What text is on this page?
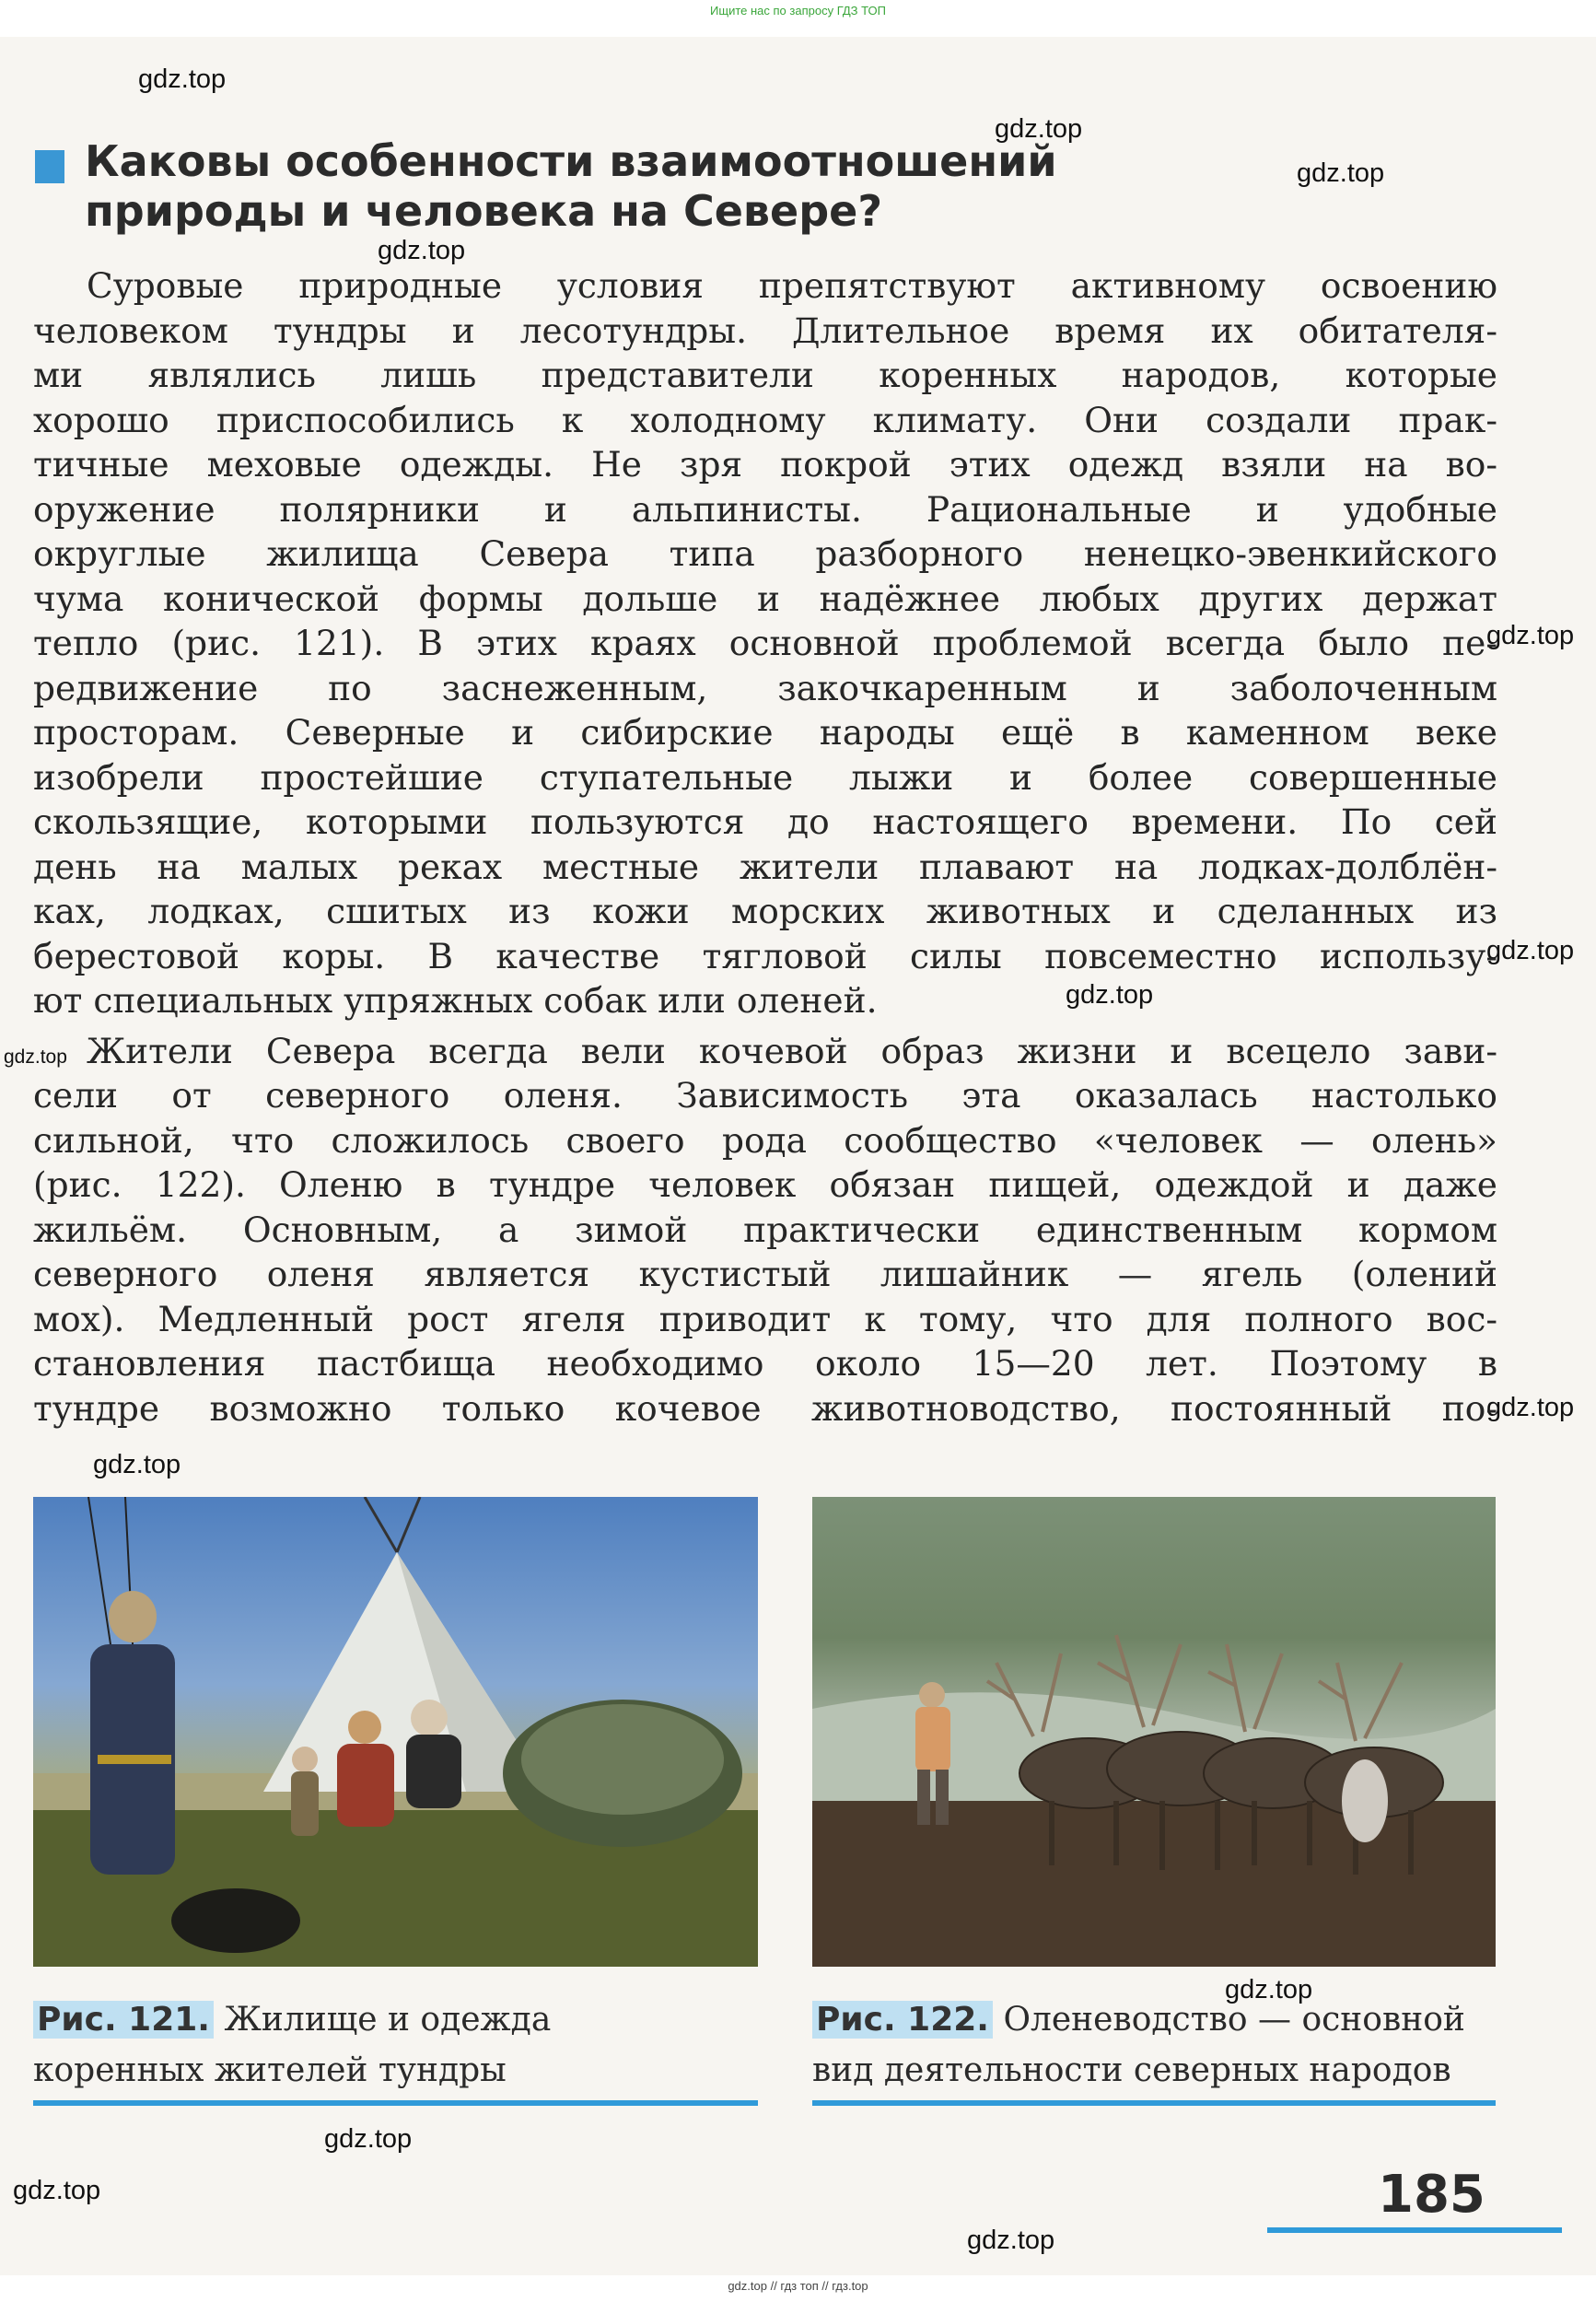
Ищите нас по запросу ГДЗ ТОП
gdz.top
gdz.top
gdz.top
gdz.top
gdz.top
gdz.top
gdz.top
gdz.top
gdz.top
gdz.top
gdz.top
gdz.top
gdz.top
gdz.top
Каковы особенности взаимоотношений
природы и человека на Севере?
Суровые природные условия препятствуют активному освоению
человеком тундры и лесотундры. Длительное время их обитателя-
ми являлись лишь представители коренных народов, которые
хорошо приспособились к холодному климату. Они создали прак-
тичные меховые одежды. Не зря покрой этих одежд взяли на во-
оружение полярники и альпинисты. Рациональные и удобные
округлые жилища Севера типа разборного ненецко-эвенкийского
чума конической формы дольше и надёжнее любых других держат
тепло (рис. 121). В этих краях основной проблемой всегда было пе-
редвижение по заснеженным, закочкаренным и заболоченным
просторам. Северные и сибирские народы ещё в каменном веке
изобрели простейшие ступательные лыжи и более совершенные
скользящие, которыми пользуются до настоящего времени. По сей
день на малых реках местные жители плавают на лодках-долблён-
ках, лодках, сшитых из кожи морских животных и сделанных из
берестовой коры. В качестве тягловой силы повсеместно использу-
ют специальных упряжных собак или оленей.
Жители Севера всегда вели кочевой образ жизни и всецело зави-
сели от северного оленя. Зависимость эта оказалась настолько
сильной, что сложилось своего рода сообщество «человек — олень»
(рис. 122). Оленю в тундре человек обязан пищей, одеждой и даже
жильём. Основным, а зимой практически единственным кормом
северного оленя является кустистый лишайник — ягель (олений
мох). Медленный рост ягеля приводит к тому, что для полного вос-
становления пастбища необходимо около 15—20 лет. Поэтому в
тундре возможно только кочевое животноводство, постоянный по-
Рис. 121. Жилище и одежда
коренных жителей тундры
Рис. 122. Оленеводство — основной
вид деятельности северных народов
185
gdz.top // гдз топ // гдз.top
